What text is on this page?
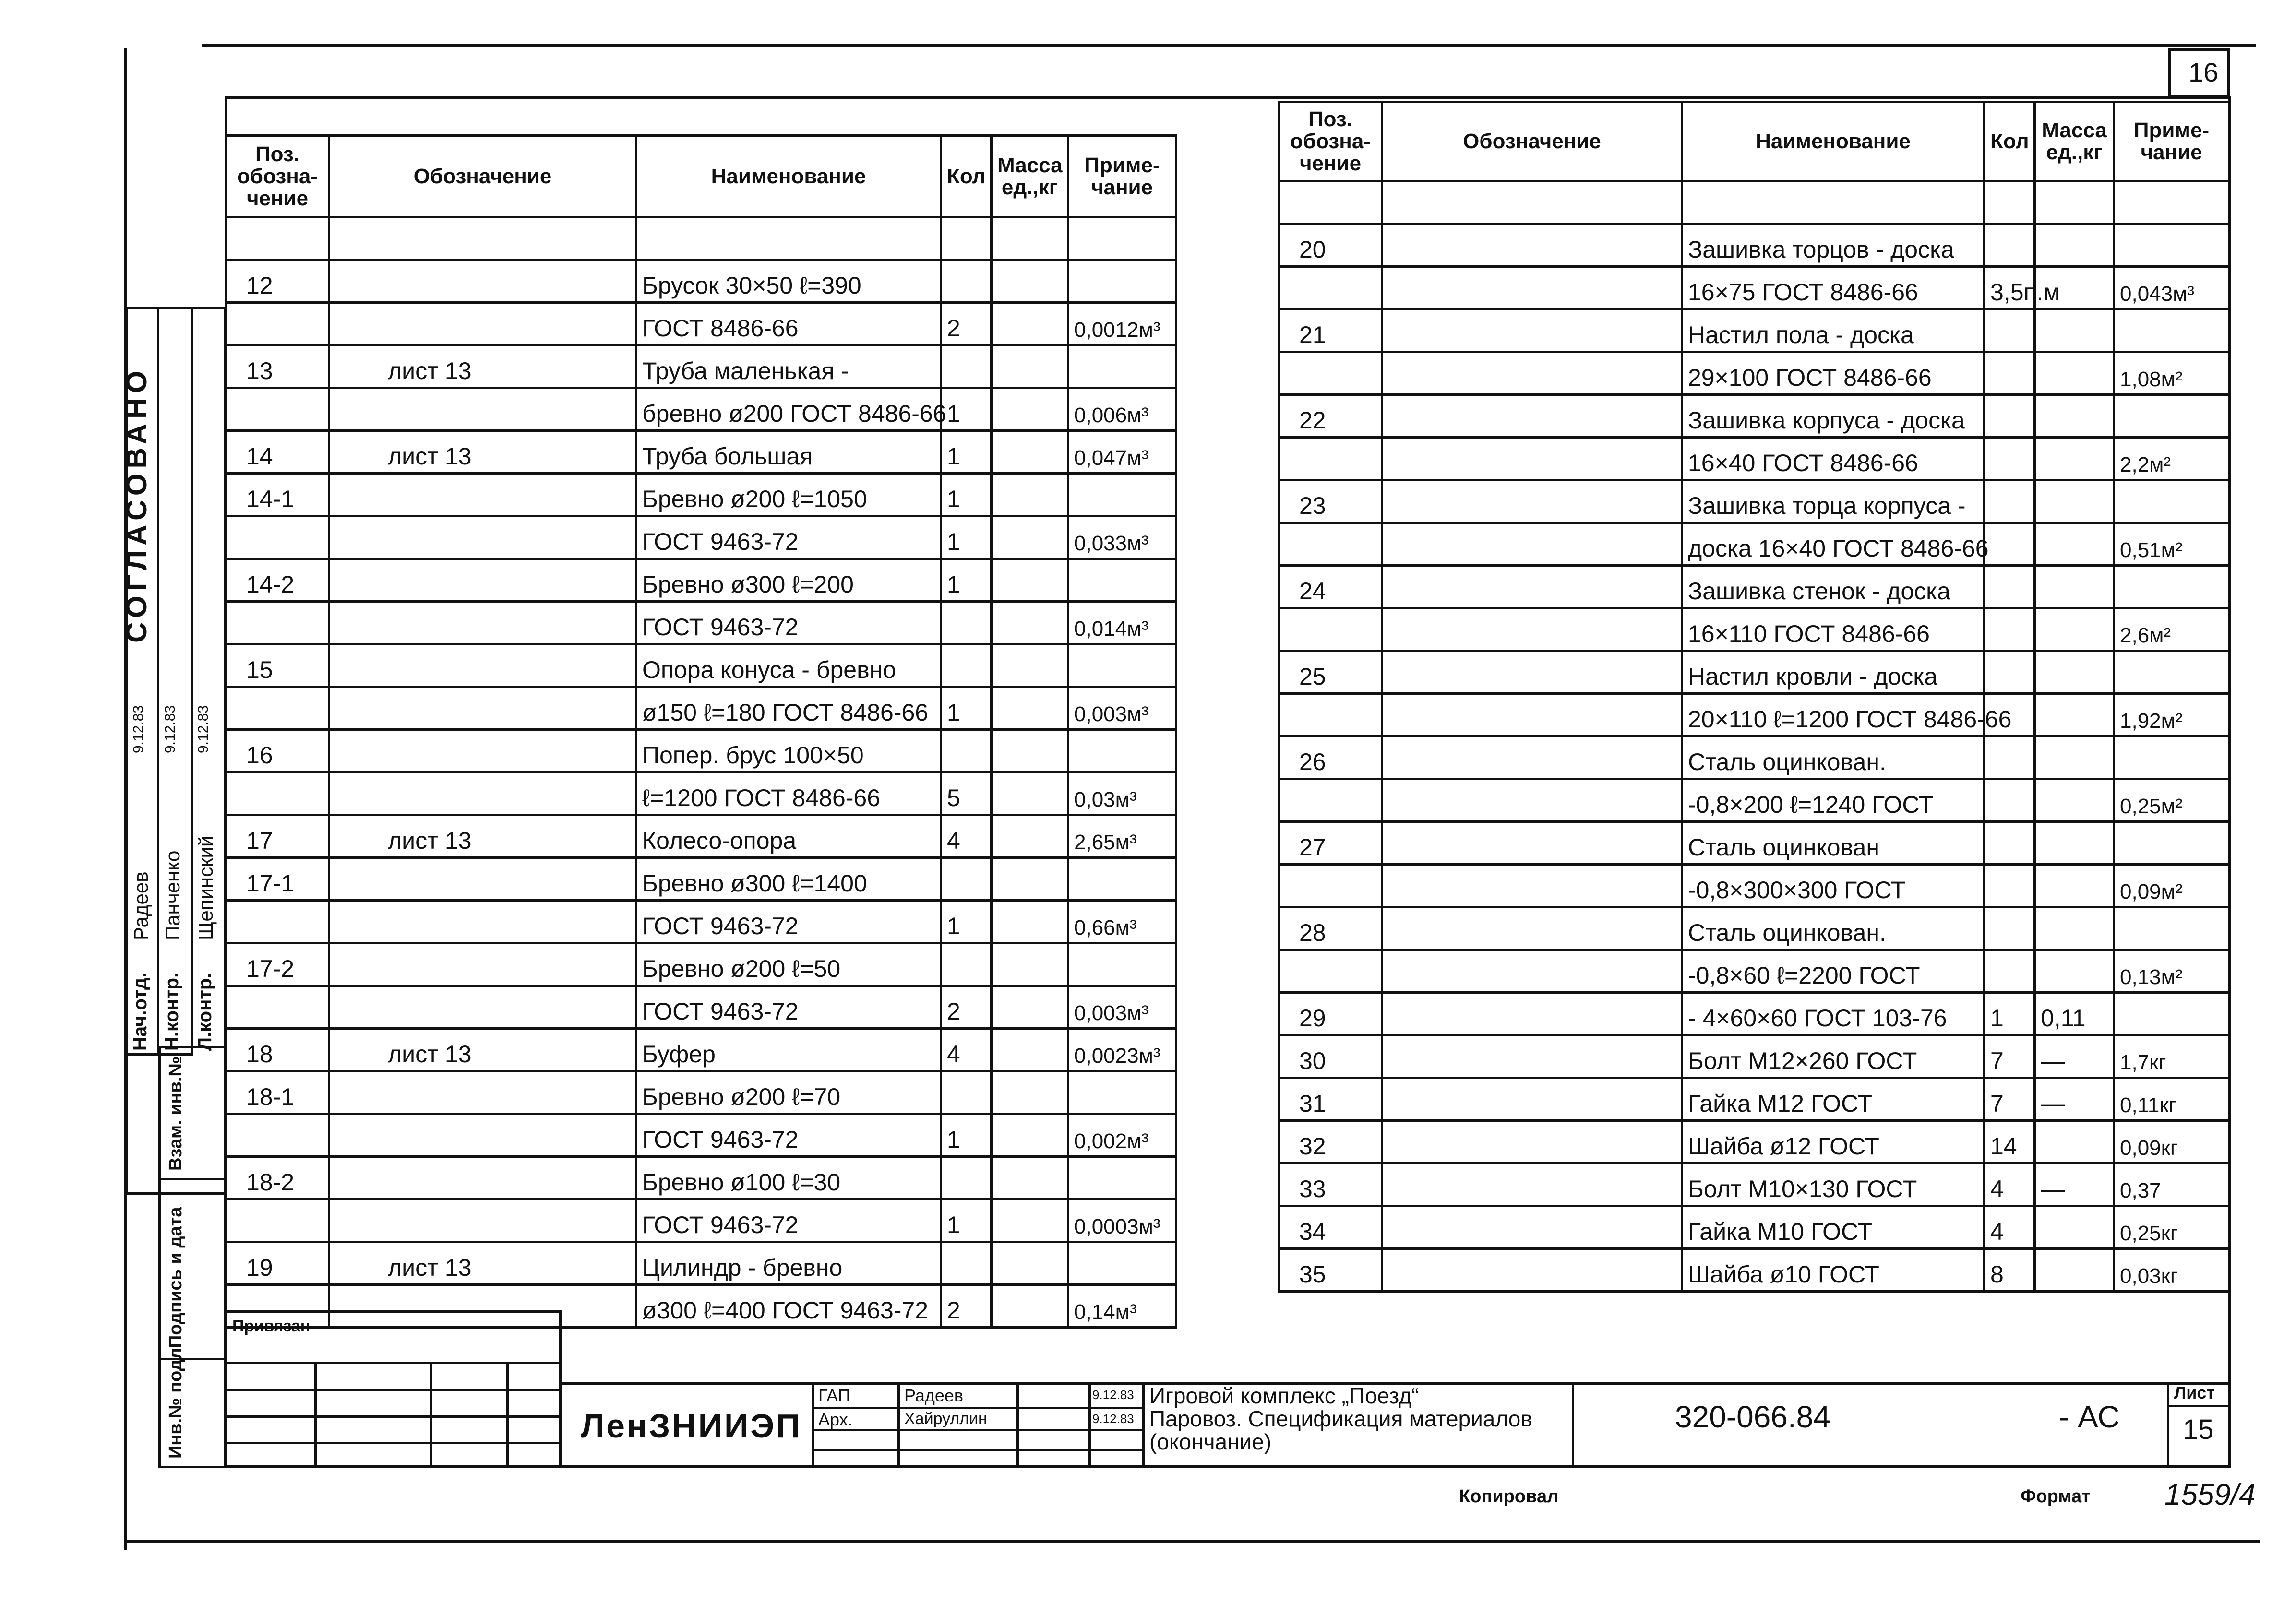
16
Поз. обозна-чение	Обозначение	Наименование	Кол	Масса ед.,кг	Приме-чание

12		Брусок 30×50 ℓ=390			
		ГОСТ 8486-66	2		0,0012м³
13	лист 13	Труба маленькая -			
		бревно ø200 ГОСТ 8486-66	1		0,006м³
14	лист 13	Труба большая	1		0,047м³
14-1		Бревно ø200 ℓ=1050	1		
		ГОСТ 9463-72	1		0,033м³
14-2		Бревно ø300 ℓ=200	1		
		ГОСТ 9463-72			0,014м³
15		Опора конуса - бревно			
		ø150 ℓ=180 ГОСТ 8486-66	1		0,003м³
16		Попер. брус 100×50			
		ℓ=1200 ГОСТ 8486-66	5		0,03м³
17	лист 13	Колесо-опора	4		2,65м³
17-1		Бревно ø300 ℓ=1400			
		ГОСТ 9463-72	1		0,66м³
17-2		Бревно ø200 ℓ=50			
		ГОСТ 9463-72	2		0,003м³
18	лист 13	Буфер	4		0,0023м³
18-1		Бревно ø200 ℓ=70			
		ГОСТ 9463-72	1		0,002м³
18-2		Бревно ø100 ℓ=30			
		ГОСТ 9463-72	1		0,0003м³
19	лист 13	Цилиндр - бревно			
		ø300 ℓ=400 ГОСТ 9463-72	2		0,14м³
Поз. обозна-чение	Обозначение	Наименование	Кол	Масса ед.,кг	Приме-чание

20		Зашивка торцов - доска			
		16×75 ГОСТ 8486-66	3,5п.м		0,043м³
21		Настил пола - доска			
		29×100 ГОСТ 8486-66			1,08м²
22		Зашивка корпуса - доска			
		16×40 ГОСТ 8486-66			2,2м²
23		Зашивка торца корпуса -			
		доска 16×40 ГОСТ 8486-66			0,51м²
24		Зашивка стенок - доска			
		16×110 ГОСТ 8486-66			2,6м²
25		Настил кровли - доска			
		20×110 ℓ=1200 ГОСТ 8486-66			1,92м²
26		Сталь оцинкован.			
		-0,8×200 ℓ=1240 ГОСТ			0,25м²
27		Сталь оцинкован			
		-0,8×300×300 ГОСТ			0,09м²
28		Сталь оцинкован.			
		-0,8×60 ℓ=2200 ГОСТ			0,13м²
29		- 4×60×60 ГОСТ 103-76	1	0,11	
30		Болт М12×260 ГОСТ	7	—	1,7кг
31		Гайка М12 ГОСТ	7	—	0,11кг
32		Шайба ø12 ГОСТ	14		0,09кг
33		Болт М10×130 ГОСТ	4	—	0,37
34		Гайка М10 ГОСТ	4		0,25кг
35		Шайба ø10 ГОСТ	8		0,03кг
СОГЛАСОВАНО
Нач.отд. Н.контр. Л.контр.
Радеев Панченко Щепинский
9.12.83 9.12.83 9.12.83
Взам. инв.№
Подпись и дата
Инв.№ подл.
Привязан
ЛенЗНИИЭП
ГАП
Арх.
Радеев
Хайруллин
9.12.83
9.12.83
Игровой комплекс „Поезд“
Паровоз. Спецификация материалов
(окончание)
320-066.84	- АС
Лист
15
Копировал	Формат 1559/4
